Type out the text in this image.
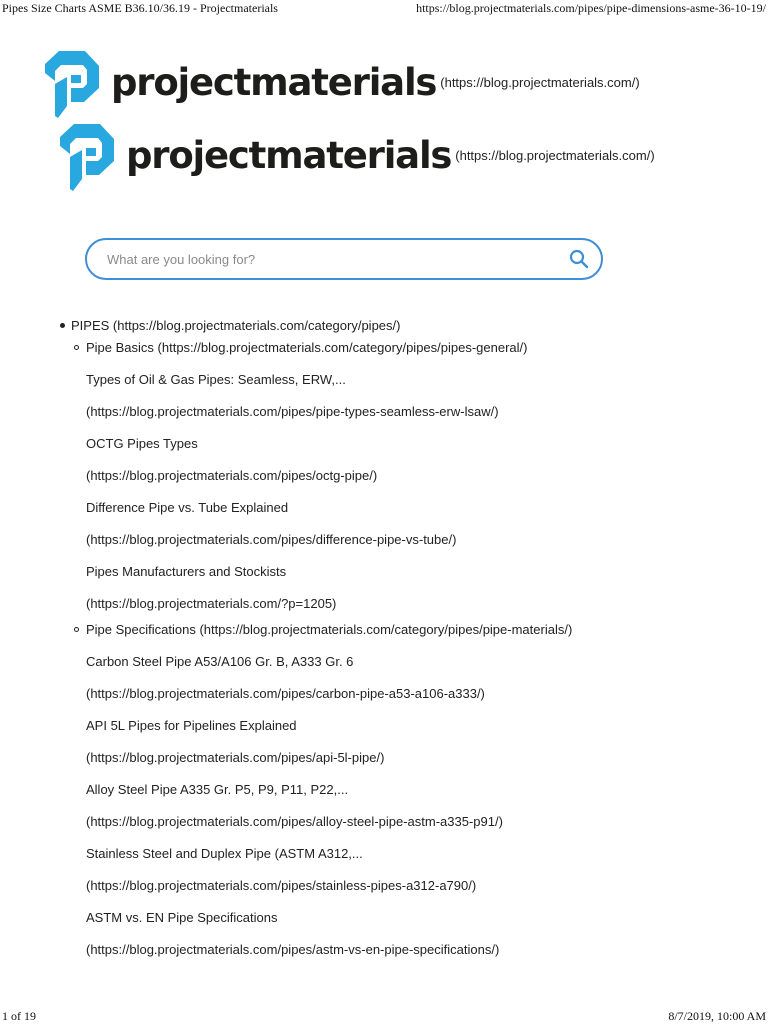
Pipes Size Charts ASME B36.10/36.19 - Projectmaterials	https://blog.projectmaterials.com/pipes/pipe-dimensions-asme-36-10-19/
projectmaterials (https://blog.projectmaterials.com/)
projectmaterials (https://blog.projectmaterials.com/)
What are you looking for?
PIPES (https://blog.projectmaterials.com/category/pipes/)
Pipe Basics (https://blog.projectmaterials.com/category/pipes/pipes-general/)
Types of Oil & Gas Pipes: Seamless, ERW,...
(https://blog.projectmaterials.com/pipes/pipe-types-seamless-erw-lsaw/)
OCTG Pipes Types
(https://blog.projectmaterials.com/pipes/octg-pipe/)
Difference Pipe vs. Tube Explained
(https://blog.projectmaterials.com/pipes/difference-pipe-vs-tube/)
Pipes Manufacturers and Stockists
(https://blog.projectmaterials.com/?p=1205)
Pipe Specifications (https://blog.projectmaterials.com/category/pipes/pipe-materials/)
Carbon Steel Pipe A53/A106 Gr. B, A333 Gr. 6
(https://blog.projectmaterials.com/pipes/carbon-pipe-a53-a106-a333/)
API 5L Pipes for Pipelines Explained
(https://blog.projectmaterials.com/pipes/api-5l-pipe/)
Alloy Steel Pipe A335 Gr. P5, P9, P11, P22,...
(https://blog.projectmaterials.com/pipes/alloy-steel-pipe-astm-a335-p91/)
Stainless Steel and Duplex Pipe (ASTM A312,...
(https://blog.projectmaterials.com/pipes/stainless-pipes-a312-a790/)
ASTM vs. EN Pipe Specifications
(https://blog.projectmaterials.com/pipes/astm-vs-en-pipe-specifications/)
1 of 19	8/7/2019, 10:00 AM
